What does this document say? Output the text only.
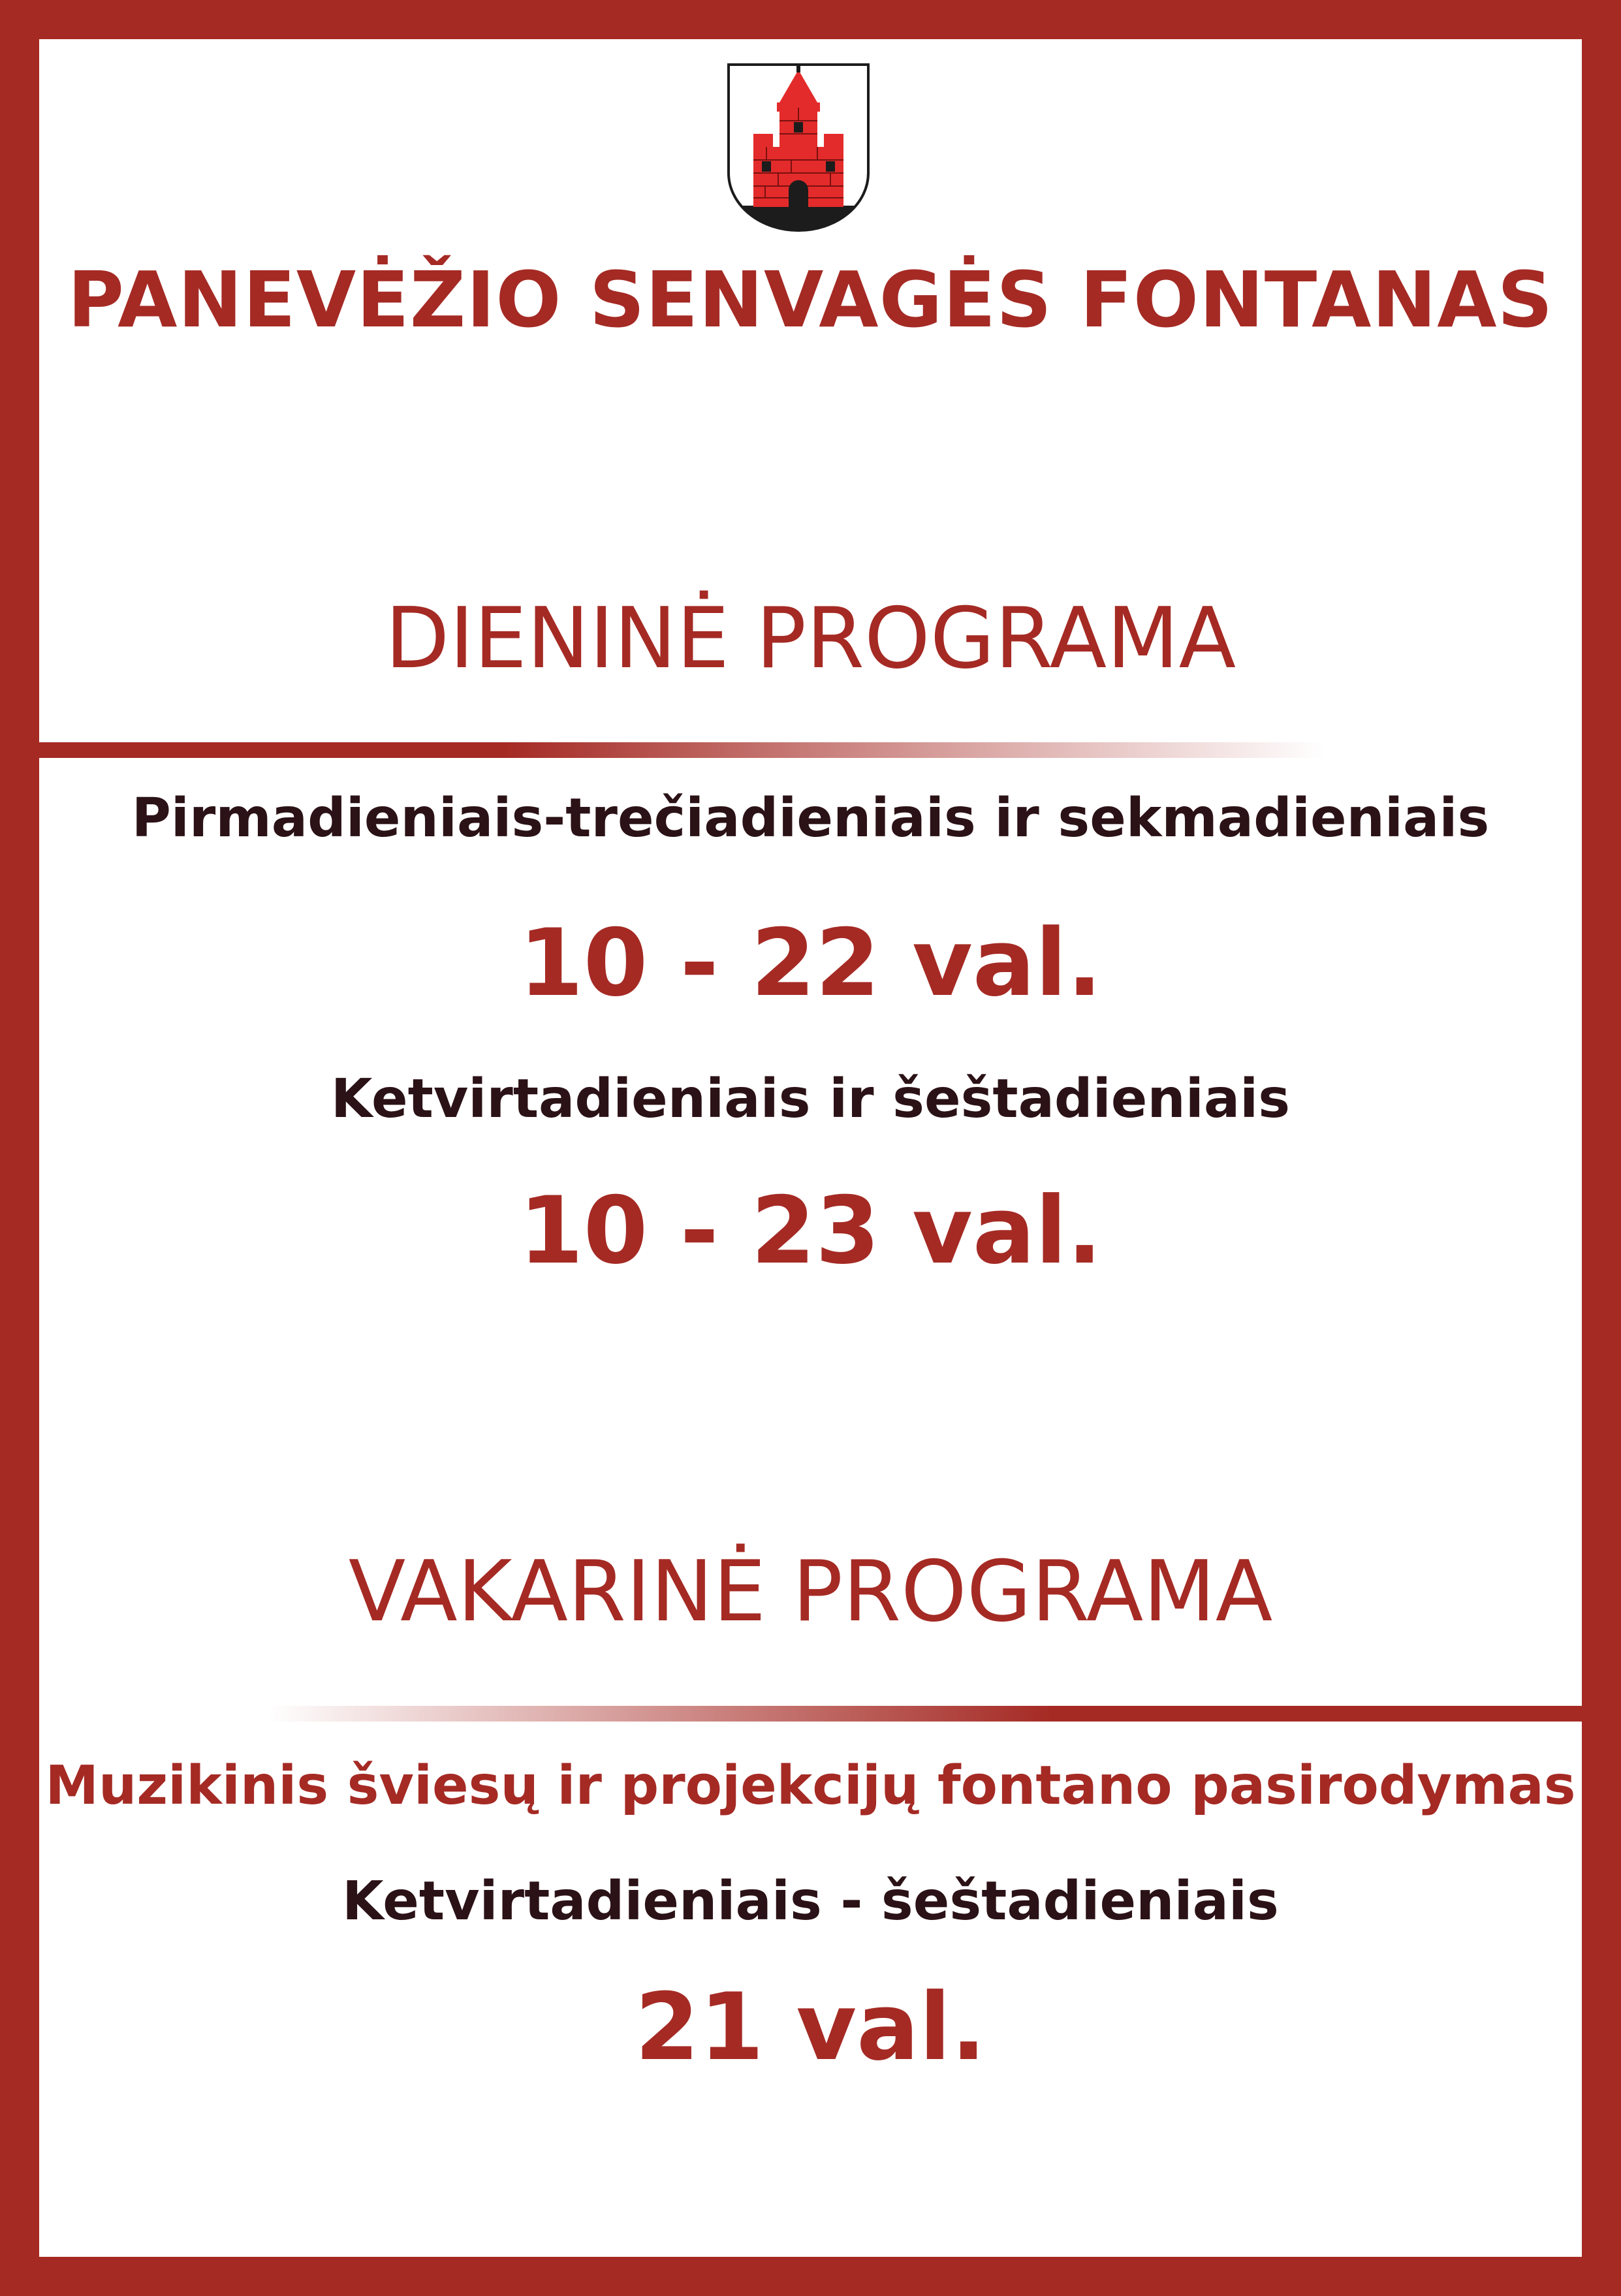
PANEVĖŽIO SENVAGĖS FONTANAS
DIENINĖ PROGRAMA
Pirmadieniais-trečiadieniais ir sekmadieniais
10 - 22 val.
Ketvirtadieniais ir šeštadieniais
10 - 23 val.
VAKARINĖ PROGRAMA
Muzikinis šviesų ir projekcijų fontano pasirodymas
Ketvirtadieniais - šeštadieniais
21 val.
